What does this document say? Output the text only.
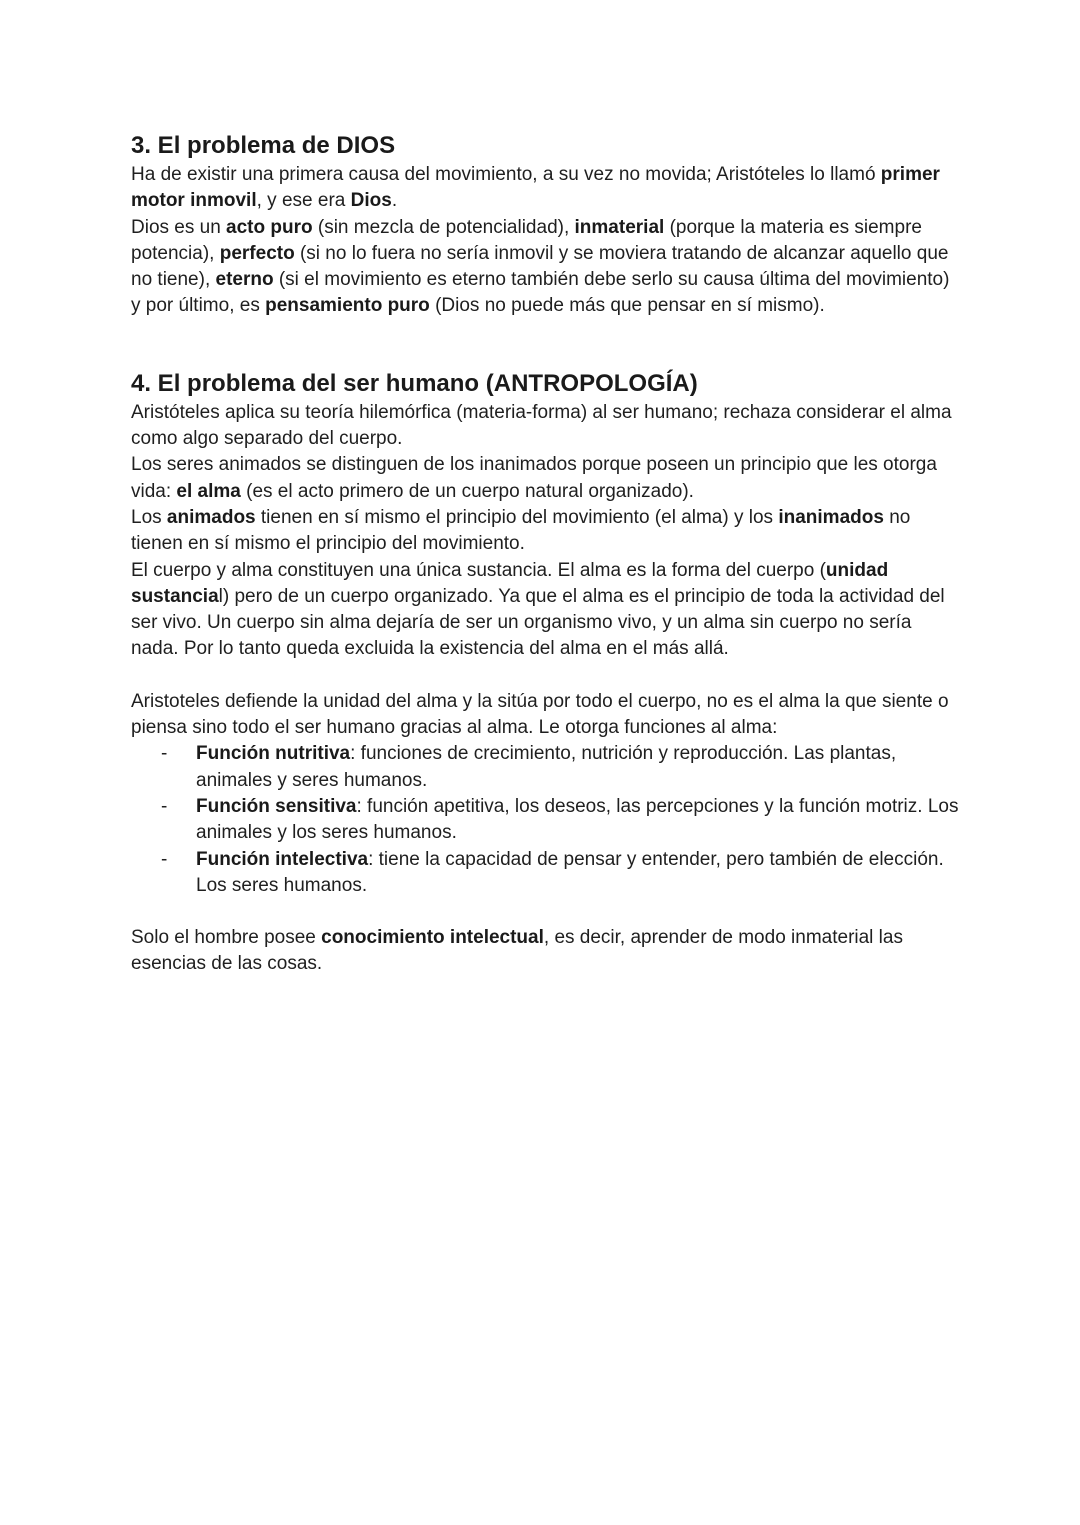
3. El problema de DIOS

Ha de existir una primera causa del movimiento, a su vez no movida; Aristóteles lo llamó primer motor inmovil, y ese era Dios.

Dios es un acto puro (sin mezcla de potencialidad), inmaterial (porque la materia es siempre potencia), perfecto (si no lo fuera no sería inmovil y se moviera tratando de alcanzar aquello que no tiene), eterno (si el movimiento es eterno también debe serlo su causa última del movimiento) y por último, es pensamiento puro (Dios no puede más que pensar en sí mismo).

4. El problema del ser humano (ANTROPOLOGÍA)

Aristóteles aplica su teoría hilemórfica (materia-forma) al ser humano; rechaza considerar el alma como algo separado del cuerpo.

Los seres animados se distinguen de los inanimados porque poseen un principio que les otorga vida: el alma (es el acto primero de un cuerpo natural organizado).

Los animados tienen en sí mismo el principio del movimiento (el alma) y los inanimados no tienen en sí mismo el principio del movimiento.

El cuerpo y alma constituyen una única sustancia. El alma es la forma del cuerpo (unidad sustancial) pero de un cuerpo organizado. Ya que el alma es el principio de toda la actividad del ser vivo. Un cuerpo sin alma dejaría de ser un organismo vivo, y un alma sin cuerpo no sería nada. Por lo tanto queda excluida la existencia del alma en el más allá.

Aristoteles defiende la unidad del alma y la sitúa por todo el cuerpo, no es el alma la que siente o piensa sino todo el ser humano gracias al alma. Le otorga funciones al alma:

- Función nutritiva: funciones de crecimiento, nutrición y reproducción. Las plantas, animales y seres humanos.
- Función sensitiva: función apetitiva, los deseos, las percepciones y la función motriz. Los animales y los seres humanos.
- Función intelectiva: tiene la capacidad de pensar y entender, pero también de elección. Los seres humanos.

Solo el hombre posee conocimiento intelectual, es decir, aprender de modo inmaterial las esencias de las cosas.
